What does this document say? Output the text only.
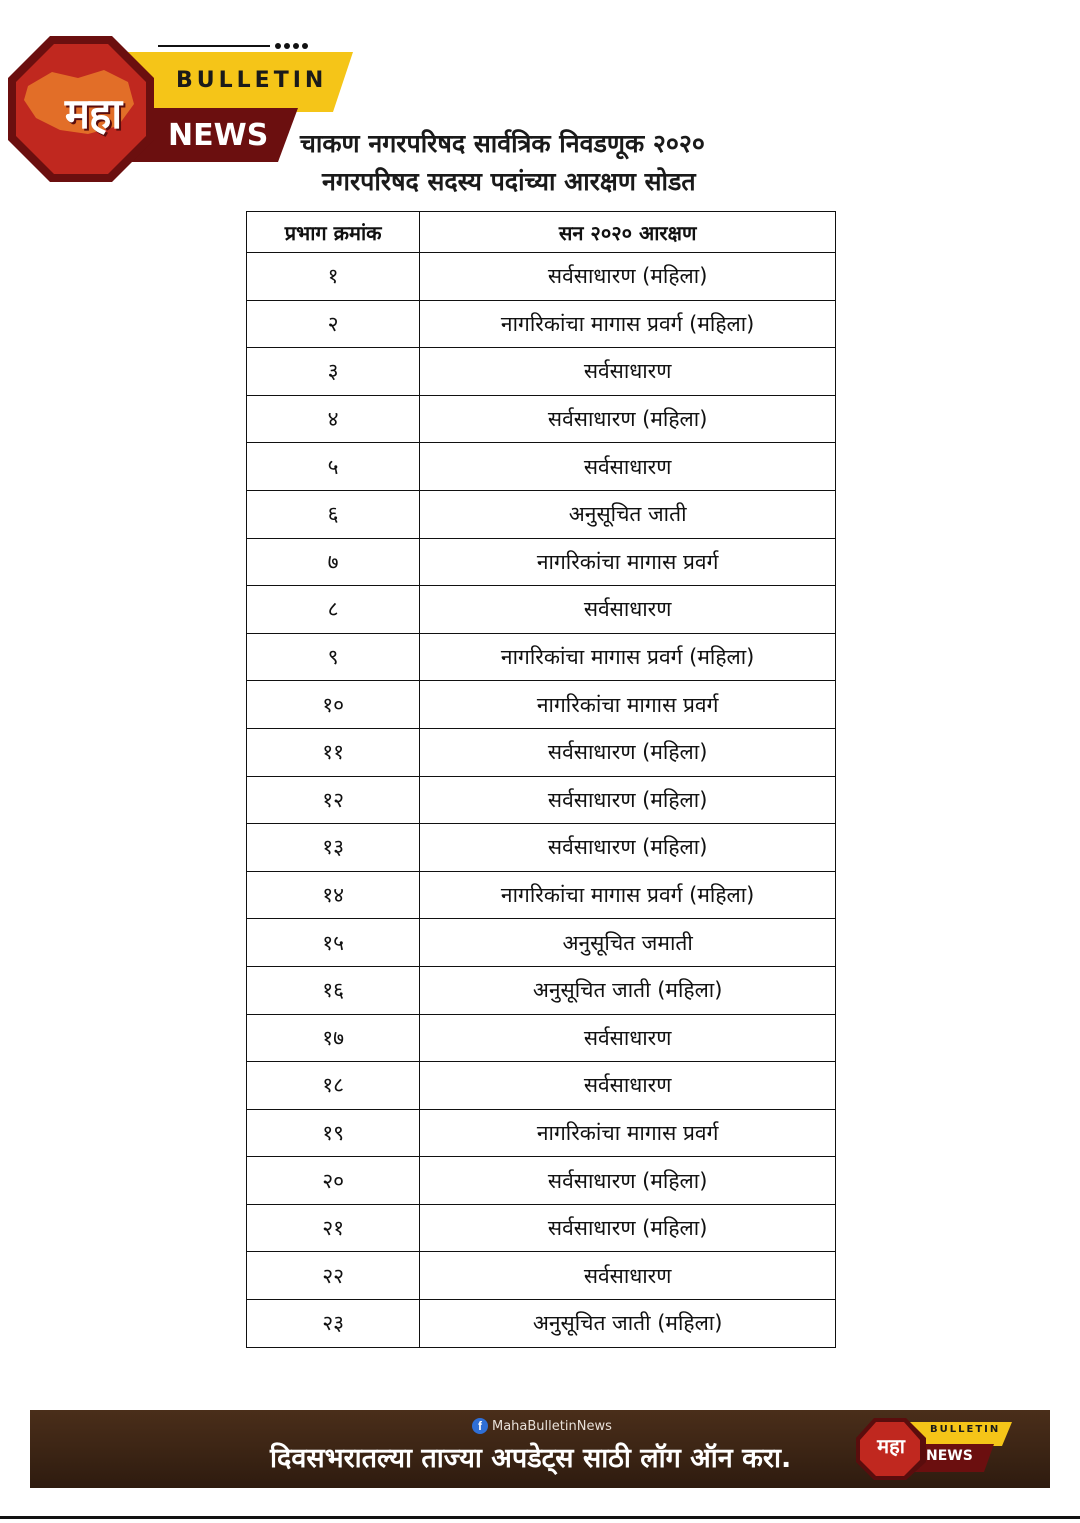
महा
BULLETIN
NEWS चाकण नगरपरिषद सार्वत्रिक निवडणूक २०२०
नगरपरिषद सदस्य पदांच्या आरक्षण सोडत
प्रभाग क्रमांक	सन २०२० आरक्षण
१	सर्वसाधारण (महिला)
२	नागरिकांचा मागास प्रवर्ग (महिला)
३	सर्वसाधारण
४	सर्वसाधारण (महिला)
५	सर्वसाधारण
६	अनुसूचित जाती
७	नागरिकांचा मागास प्रवर्ग
८	सर्वसाधारण
९	नागरिकांचा मागास प्रवर्ग (महिला)
१०	नागरिकांचा मागास प्रवर्ग
११	सर्वसाधारण (महिला)
१२	सर्वसाधारण (महिला)
१३	सर्वसाधारण (महिला)
१४	नागरिकांचा मागास प्रवर्ग (महिला)
१५	अनुसूचित जमाती
१६	अनुसूचित जाती (महिला)
१७	सर्वसाधारण
१८	सर्वसाधारण
१९	नागरिकांचा मागास प्रवर्ग
२०	सर्वसाधारण (महिला)
२१	सर्वसाधारण (महिला)
२२	सर्वसाधारण
२३	अनुसूचित जाती (महिला)
f MahaBulletinNews
दिवसभरातल्या ताज्या अपडेट्स साठी लॉग ऑन करा.	महा
BULLETIN
NEWS
